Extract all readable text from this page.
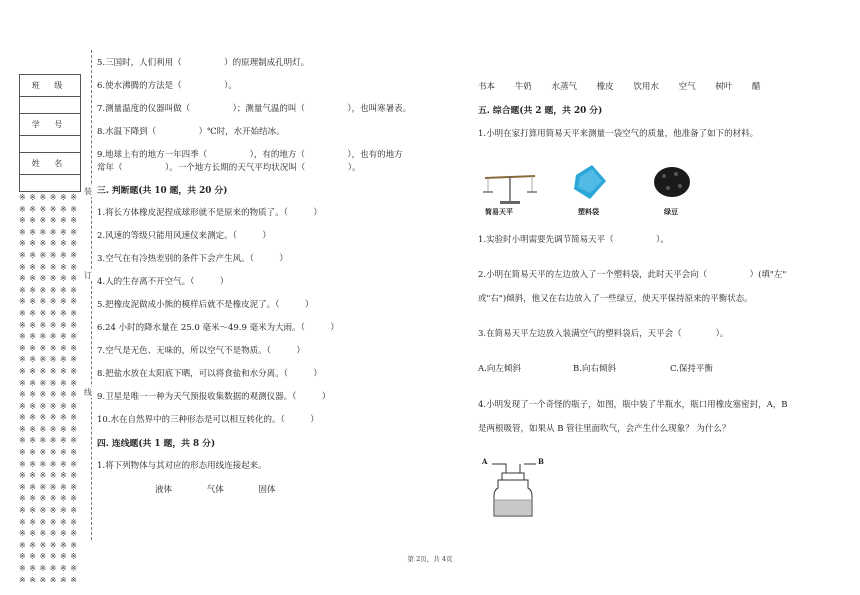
班 级

学 号

姓 名

※ ※ ※ ※ ※ ※
※ ※ ※ ※ ※ ※
※ ※ ※ ※ ※ ※
※ ※ ※ ※ ※ ※
※ ※ ※ ※ ※ ※
※ ※ ※ ※ ※ ※
※ ※ ※ ※ ※ ※
※ ※ ※ ※ ※ ※
※ ※ ※ ※ ※ ※
※ ※ ※ ※ ※ ※
※ ※ ※ ※ ※ ※
※ ※ ※ ※ ※ ※
※ ※ ※ ※ ※ ※
※ ※ ※ ※ ※ ※
※ ※ ※ ※ ※ ※
※ ※ ※ ※ ※ ※
※ ※ ※ ※ ※ ※
※ ※ ※ ※ ※ ※
※ ※ ※ ※ ※ ※
※ ※ ※ ※ ※ ※
※ ※ ※ ※ ※ ※
※ ※ ※ ※ ※ ※
※ ※ ※ ※ ※ ※
※ ※ ※ ※ ※ ※
※ ※ ※ ※ ※ ※
※ ※ ※ ※ ※ ※
※ ※ ※ ※ ※ ※
※ ※ ※ ※ ※ ※
※ ※ ※ ※ ※ ※
※ ※ ※ ※ ※ ※
※ ※ ※ ※ ※ ※
※ ※ ※ ※ ※ ※
※ ※ ※ ※ ※ ※
※ ※ ※ ※ ※ ※
装
订
线
5.三国时，人们利用（　　　　　）的原理制成孔明灯。
6.使水沸腾的方法是（　　　　　）。
7.测量温度的仪器叫做（　　　　　）；测量气温的叫（　　　　　），也叫寒暑表。
8.水温下降到（　　　　　）℃时，水开始结冰。
9.地球上有的地方一年四季（　　　　　），有的地方（　　　　　），也有的地方
常年（　　　　　）。一个地方长期的天气平均状况叫（　　　　　）。
三. 判断题(共 10 题，共 20 分)
1.将长方体橡皮泥捏成球形就不是原来的物质了。（　　　）
2.风速的等级只能用风速仪来测定。（　　　）
3.空气在有冷热差别的条件下会产生风。（　　　）
4.人的生存离不开空气。（　　　）
5.把橡皮泥做成小熊的模样后就不是橡皮泥了。（　　　）
6.24 小时的降水量在 25.0 毫米～49.9 毫米为大雨。（　　　）
7.空气是无色、无味的，所以空气不是物质。（　　　）
8.把盐水放在太阳底下晒，可以将食盐和水分离。（　　　）
9.卫星是唯一一种为天气预报收集数据的观测仪器。（　　　）
10.水在自然界中的三种形态是可以相互转化的。（　　　）
四. 连线题(共 1 题，共 8 分)
1.将下列物体与其对应的形态用线连接起来。
液体	气体	固体
书本 牛奶 水蒸气 橡皮 饮用水 空气 树叶 醋
五. 综合题(共 2 题，共 20 分)
1.小明在家打算用简易天平来测量一袋空气的质量，他准备了如下的材料。
简易天平	塑料袋	绿豆
1.实验时小明需要先调节简易天平（　　　　　）。
2.小明在简易天平的左边放入了一个塑料袋，此时天平会向（　　　　　）(填"左"
或"右")倾斜，他又在右边放入了一些绿豆，使天平保持原来的平衡状态。
3.在简易天平左边放入装满空气的塑料袋后，天平会（　　　　）。
A.向左倾斜	B.向右倾斜	C.保持平衡
4.小明发现了一个奇怪的瓶子，如图，瓶中装了半瓶水，瓶口用橡皮塞密封，A，B
是两根吸管，如果从 B 管往里面吹气，会产生什么现象？ 为什么？
A	B
第 2页，共 4页
